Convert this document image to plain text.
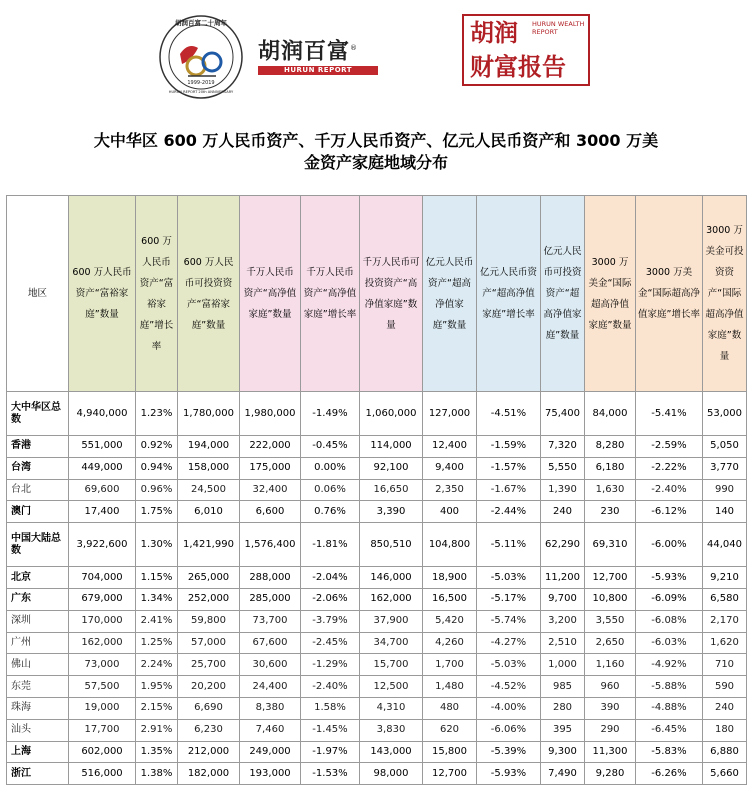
胡润百富二十周年
1999-2019
HURUN REPORT 20th ANNIVERSARY
胡润百富®
HURUN REPORT
胡润 HURUN WEALTH REPORT
财富报告
大中华区 600 万人民币资产、千万人民币资产、亿元人民币资产和 3000 万美
金资产家庭地域分布
地区	600 万人民币资产“富裕家庭”数量	600 万人民币资产“富裕家庭”增长率	600 万人民币可投资资产“富裕家庭”数量	千万人民币资产“高净值家庭”数量	千万人民币资产“高净值家庭”增长率	千万人民币可投资资产“高净值家庭”数量	亿元人民币资产“超高净值家庭”数量	亿元人民币资产“超高净值家庭”增长率	亿元人民币可投资资产“超高净值家庭”数量	3000 万美金“国际超高净值家庭”数量	3000 万美金“国际超高净值家庭”增长率	3000 万美金可投资资产“国际超高净值家庭”数量
大中华区总数	4,940,000	1.23%	1,780,000	1,980,000	-1.49%	1,060,000	127,000	-4.51%	75,400	84,000	-5.41%	53,000
香港	551,000	0.92%	194,000	222,000	-0.45%	114,000	12,400	-1.59%	7,320	8,280	-2.59%	5,050
台湾	449,000	0.94%	158,000	175,000	0.00%	92,100	9,400	-1.57%	5,550	6,180	-2.22%	3,770
台北	69,600	0.96%	24,500	32,400	0.06%	16,650	2,350	-1.67%	1,390	1,630	-2.40%	990
澳门	17,400	1.75%	6,010	6,600	0.76%	3,390	400	-2.44%	240	230	-6.12%	140
中国大陆总数	3,922,600	1.30%	1,421,990	1,576,400	-1.81%	850,510	104,800	-5.11%	62,290	69,310	-6.00%	44,040
北京	704,000	1.15%	265,000	288,000	-2.04%	146,000	18,900	-5.03%	11,200	12,700	-5.93%	9,210
广东	679,000	1.34%	252,000	285,000	-2.06%	162,000	16,500	-5.17%	9,700	10,800	-6.09%	6,580
深圳	170,000	2.41%	59,800	73,700	-3.79%	37,900	5,420	-5.74%	3,200	3,550	-6.08%	2,170
广州	162,000	1.25%	57,000	67,600	-2.45%	34,700	4,260	-4.27%	2,510	2,650	-6.03%	1,620
佛山	73,000	2.24%	25,700	30,600	-1.29%	15,700	1,700	-5.03%	1,000	1,160	-4.92%	710
东莞	57,500	1.95%	20,200	24,400	-2.40%	12,500	1,480	-4.52%	985	960	-5.88%	590
珠海	19,000	2.15%	6,690	8,380	1.58%	4,310	480	-4.00%	280	390	-4.88%	240
汕头	17,700	2.91%	6,230	7,460	-1.45%	3,830	620	-6.06%	395	290	-6.45%	180
上海	602,000	1.35%	212,000	249,000	-1.97%	143,000	15,800	-5.39%	9,300	11,300	-5.83%	6,880
浙江	516,000	1.38%	182,000	193,000	-1.53%	98,000	12,700	-5.93%	7,490	9,280	-6.26%	5,660
